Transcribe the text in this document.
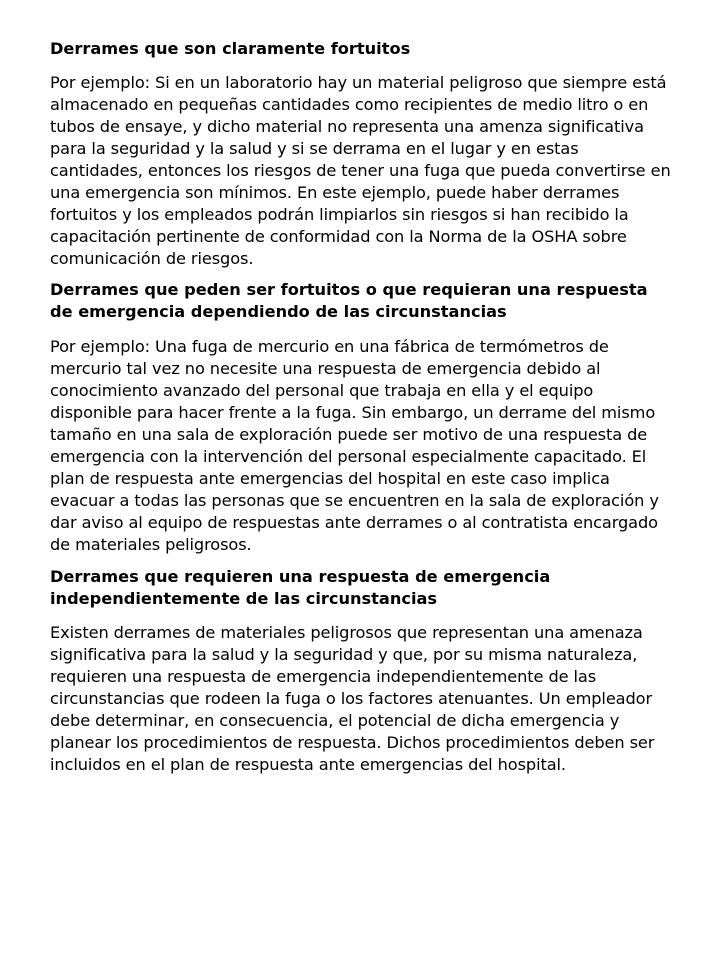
Derrames que son claramente fortuitos

Por ejemplo: Si en un laboratorio hay un material peligroso que siempre está almacenado en pequeñas cantidades como recipientes de medio litro o en tubos de ensaye, y dicho material no representa una amenza significativa para la seguridad y la salud y si se derrama en el lugar y en estas cantidades, entonces los riesgos de tener una fuga que pueda convertirse en una emergencia son mínimos. En este ejemplo, puede haber derrames fortuitos y los empleados podrán limpiarlos sin riesgos si han recibido la capacitación pertinente de conformidad con la Norma de la OSHA sobre comunicación de riesgos.

Derrames que peden ser fortuitos o que requieran una respuesta de emergencia dependiendo de las circunstancias

Por ejemplo: Una fuga de mercurio en una fábrica de termómetros de mercurio tal vez no necesite una respuesta de emergencia debido al conocimiento avanzado del personal que trabaja en ella y el equipo disponible para hacer frente a la fuga. Sin embargo, un derrame del mismo tamaño en una sala de exploración puede ser motivo de una respuesta de emergencia con la intervención del personal especialmente capacitado. El plan de respuesta ante emergencias del hospital en este caso implica evacuar a todas las personas que se encuentren en la sala de exploración y dar aviso al equipo de respuestas ante derrames o al contratista encargado de materiales peligrosos.

Derrames que requieren una respuesta de emergencia independientemente de las circunstancias

Existen derrames de materiales peligrosos que representan una amenaza significativa para la salud y la seguridad y que, por su misma naturaleza, requieren una respuesta de emergencia independientemente de las circunstancias que rodeen la fuga o los factores atenuantes. Un empleador debe determinar, en consecuencia, el potencial de dicha emergencia y planear los procedimientos de respuesta. Dichos procedimientos deben ser incluidos en el plan de respuesta ante emergencias del hospital.
